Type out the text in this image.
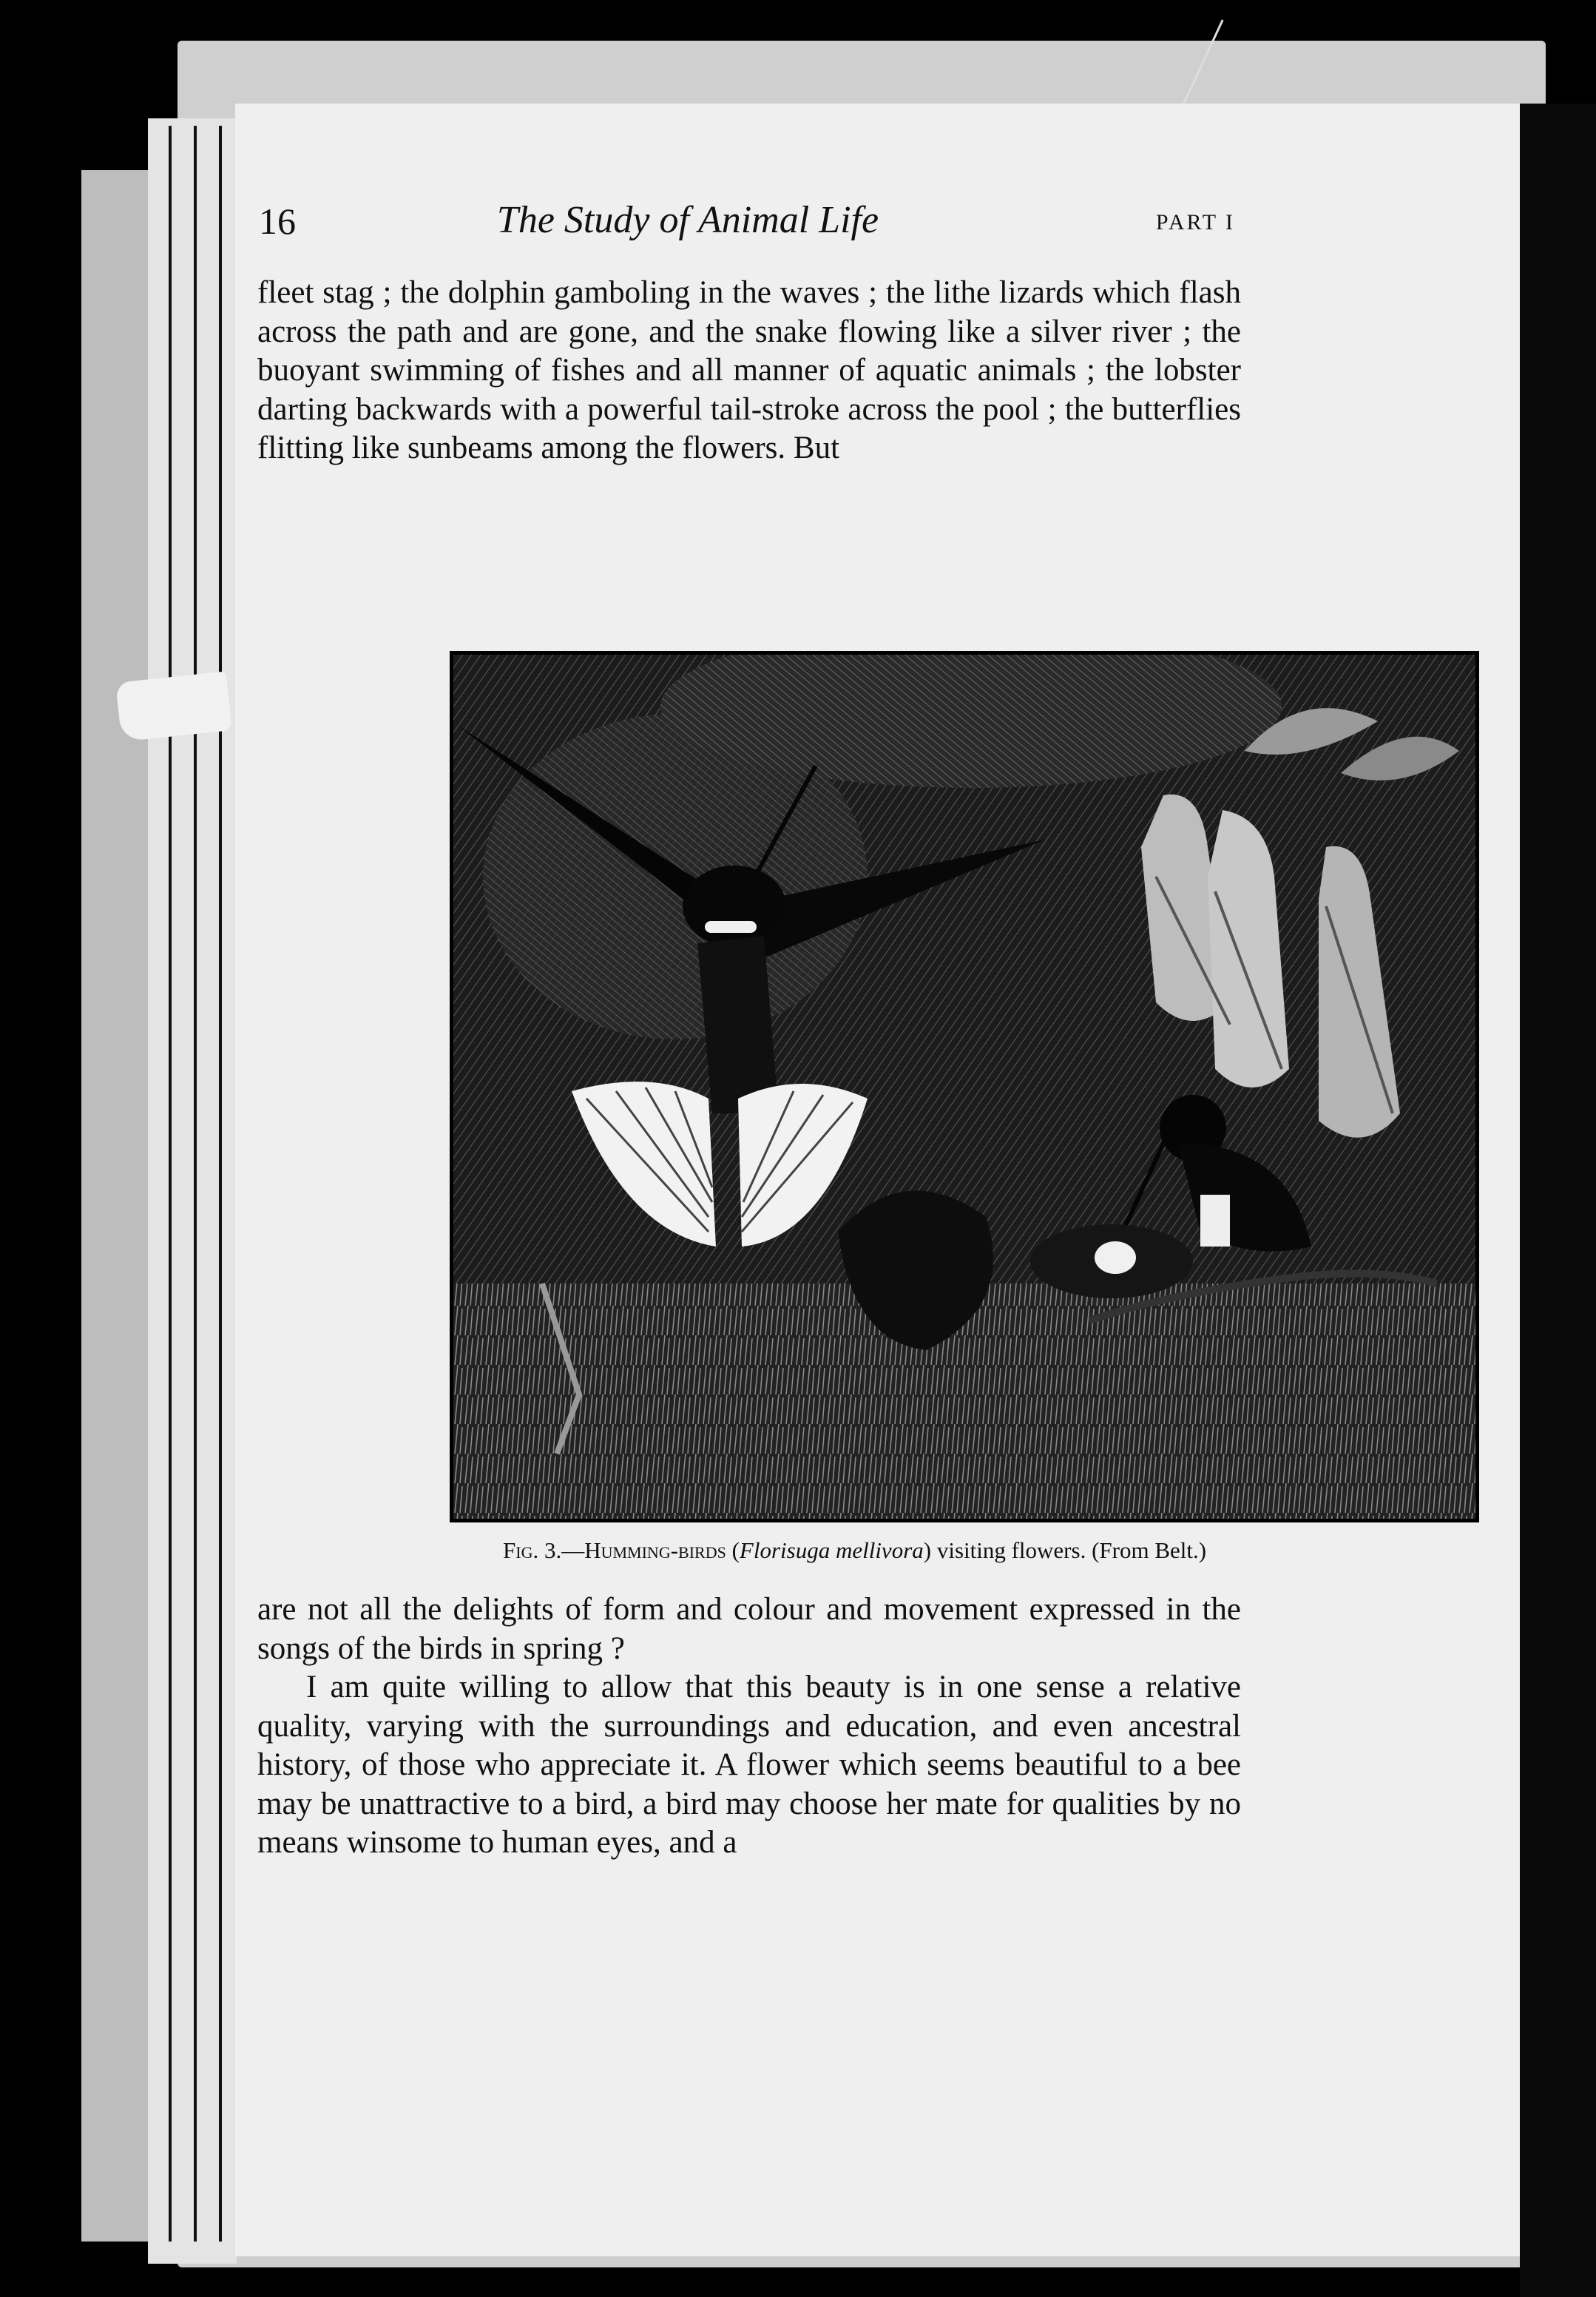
16	The Study of Animal Life	PART I

fleet stag ; the dolphin gamboling in the waves ; the lithe lizards which flash across the path and are gone, and the snake flowing like a silver river ; the buoyant swimming of fishes and all manner of aquatic animals ; the lobster darting backwards with a powerful tail-stroke across the pool ; the butterflies flitting like sunbeams among the flowers. But

Fig. 3.—Humming-birds (Florisuga mellivora) visiting flowers. (From Belt.)

are not all the delights of form and colour and movement expressed in the songs of the birds in spring ?

I am quite willing to allow that this beauty is in one sense a relative quality, varying with the surroundings and education, and even ancestral history, of those who appreciate it. A flower which seems beautiful to a bee may be unattractive to a bird, a bird may choose her mate for qualities by no means winsome to human eyes, and a
